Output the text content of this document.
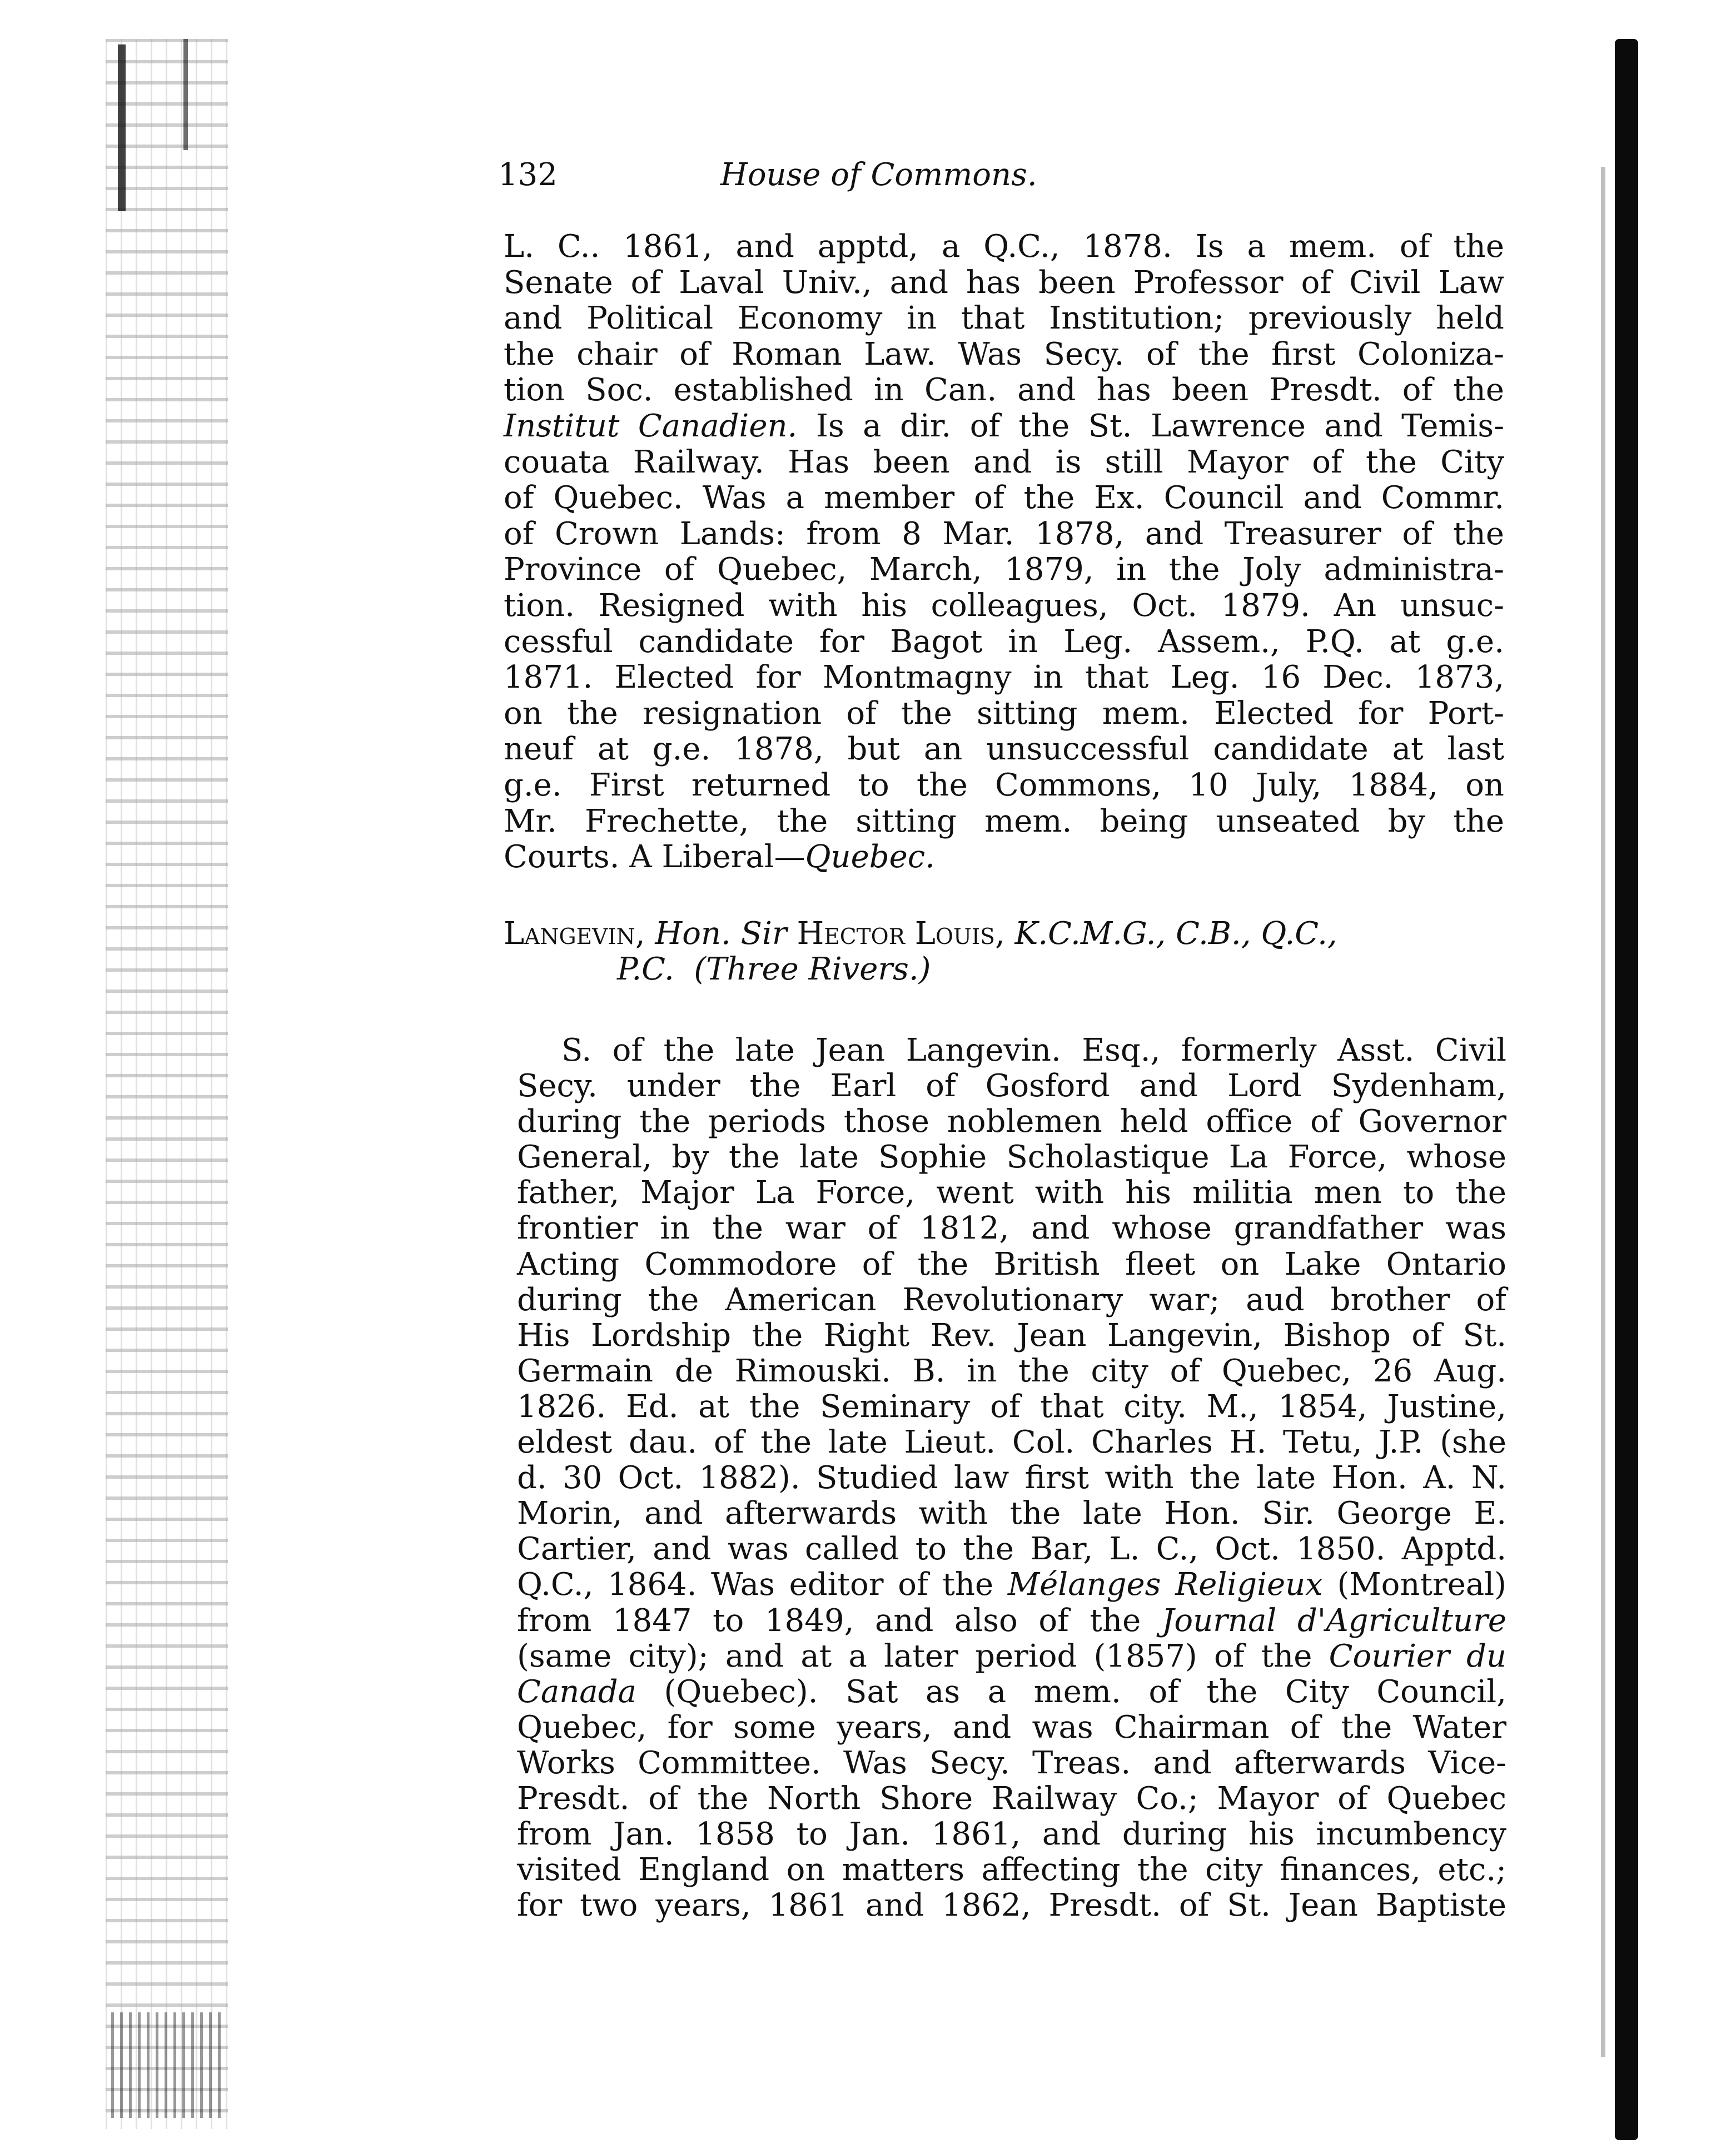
132	House of Commons.
L. C.. 1861, and apptd, a Q.C., 1878. Is a mem. of the
Senate of Laval Univ., and has been Professor of Civil Law
and Political Economy in that Institution; previously held
the chair of Roman Law. Was Secy. of the first Coloniza-
tion Soc. established in Can. and has been Presdt. of the
Institut Canadien. Is a dir. of the St. Lawrence and Temis-
couata Railway. Has been and is still Mayor of the City
of Quebec. Was a member of the Ex. Council and Commr.
of Crown Lands: from 8 Mar. 1878, and Treasurer of the
Province of Quebec, March, 1879, in the Joly administra-
tion. Resigned with his colleagues, Oct. 1879. An unsuc-
cessful candidate for Bagot in Leg. Assem., P.Q. at g.e.
1871. Elected for Montmagny in that Leg. 16 Dec. 1873,
on the resignation of the sitting mem. Elected for Port-
neuf at g.e. 1878, but an unsuccessful candidate at last
g.e. First returned to the Commons, 10 July, 1884, on
Mr. Frechette, the sitting mem. being unseated by the
Courts. A Liberal—Quebec.
Langevin, Hon. Sir Hector Louis, K.C.M.G., C.B., Q.C.,
P.C. (Three Rivers.)
S. of the late Jean Langevin. Esq., formerly Asst. Civil
Secy. under the Earl of Gosford and Lord Sydenham,
during the periods those noblemen held office of Governor
General, by the late Sophie Scholastique La Force, whose
father, Major La Force, went with his militia men to the
frontier in the war of 1812, and whose grandfather was
Acting Commodore of the British fleet on Lake Ontario
during the American Revolutionary war; aud brother of
His Lordship the Right Rev. Jean Langevin, Bishop of St.
Germain de Rimouski. B. in the city of Quebec, 26 Aug.
1826. Ed. at the Seminary of that city. M., 1854, Justine,
eldest dau. of the late Lieut. Col. Charles H. Tetu, J.P. (she
d. 30 Oct. 1882). Studied law first with the late Hon. A. N.
Morin, and afterwards with the late Hon. Sir. George E.
Cartier, and was called to the Bar, L. C., Oct. 1850. Apptd.
Q.C., 1864. Was editor of the Mélanges Religieux (Montreal)
from 1847 to 1849, and also of the Journal d'Agriculture
(same city); and at a later period (1857) of the Courier du
Canada (Quebec). Sat as a mem. of the City Council,
Quebec, for some years, and was Chairman of the Water
Works Committee. Was Secy. Treas. and afterwards Vice-
Presdt. of the North Shore Railway Co.; Mayor of Quebec
from Jan. 1858 to Jan. 1861, and during his incumbency
visited England on matters affecting the city finances, etc.;
for two years, 1861 and 1862, Presdt. of St. Jean Baptiste
